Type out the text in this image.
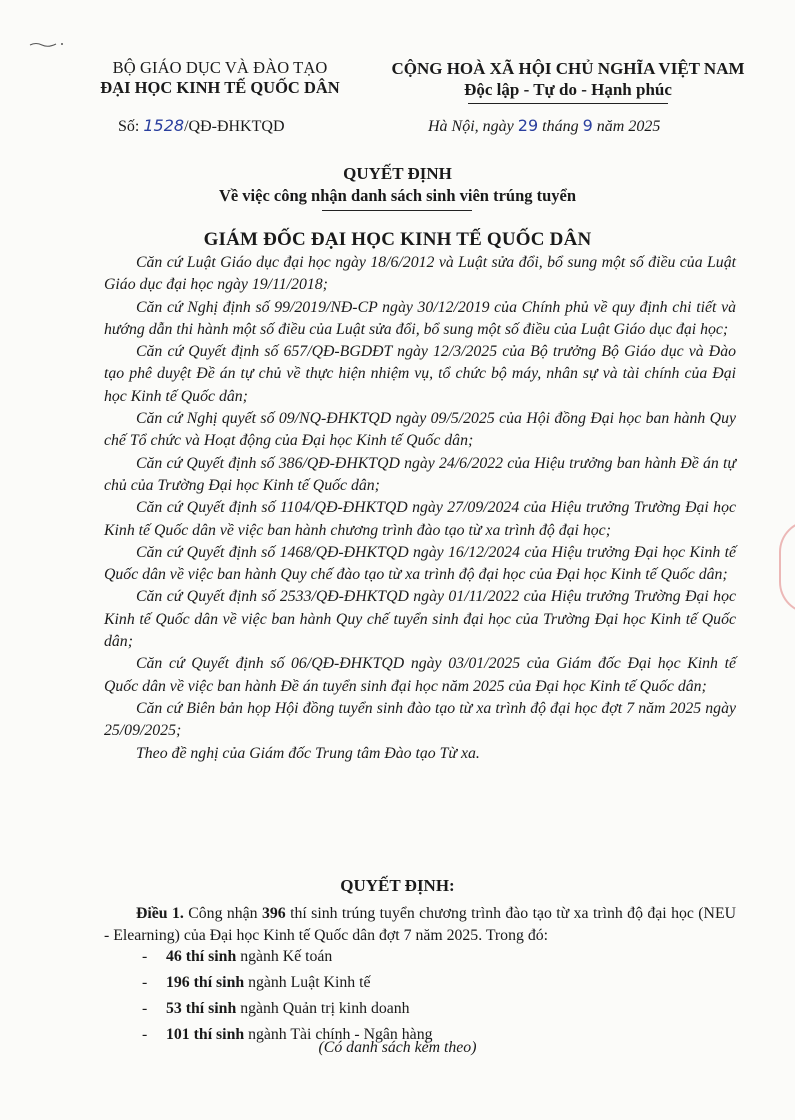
BỘ GIÁO DỤC VÀ ĐÀO TẠO
ĐẠI HỌC KINH TẾ QUỐC DÂN
CỘNG HOÀ XÃ HỘI CHỦ NGHĨA VIỆT NAM
Độc lập - Tự do - Hạnh phúc
Số: 1528/QĐ-ĐHKTQD	Hà Nội, ngày 29 tháng 9 năm 2025
QUYẾT ĐỊNH
Về việc công nhận danh sách sinh viên trúng tuyển
GIÁM ĐỐC ĐẠI HỌC KINH TẾ QUỐC DÂN

Căn cứ Luật Giáo dục đại học ngày 18/6/2012 và Luật sửa đổi, bổ sung một số điều của Luật Giáo dục đại học ngày 19/11/2018;

Căn cứ Nghị định số 99/2019/NĐ-CP ngày 30/12/2019 của Chính phủ về quy định chi tiết và hướng dẫn thi hành một số điều của Luật sửa đổi, bổ sung một số điều của Luật Giáo dục đại học;

Căn cứ Quyết định số 657/QĐ-BGDĐT ngày 12/3/2025 của Bộ trưởng Bộ Giáo dục và Đào tạo phê duyệt Đề án tự chủ về thực hiện nhiệm vụ, tổ chức bộ máy, nhân sự và tài chính của Đại học Kinh tế Quốc dân;

Căn cứ Nghị quyết số 09/NQ-ĐHKTQD ngày 09/5/2025 của Hội đồng Đại học ban hành Quy chế Tổ chức và Hoạt động của Đại học Kinh tế Quốc dân;

Căn cứ Quyết định số 386/QĐ-ĐHKTQD ngày 24/6/2022 của Hiệu trưởng ban hành Đề án tự chủ của Trường Đại học Kinh tế Quốc dân;

Căn cứ Quyết định số 1104/QĐ-ĐHKTQD ngày 27/09/2024 của Hiệu trưởng Trường Đại học Kinh tế Quốc dân về việc ban hành chương trình đào tạo từ xa trình độ đại học;

Căn cứ Quyết định số 1468/QĐ-ĐHKTQD ngày 16/12/2024 của Hiệu trưởng Đại học Kinh tế Quốc dân về việc ban hành Quy chế đào tạo từ xa trình độ đại học của Đại học Kinh tế Quốc dân;

Căn cứ Quyết định số 2533/QĐ-ĐHKTQD ngày 01/11/2022 của Hiệu trưởng Trường Đại học Kinh tế Quốc dân về việc ban hành Quy chế tuyển sinh đại học của Trường Đại học Kinh tế Quốc dân;

Căn cứ Quyết định số 06/QĐ-ĐHKTQD ngày 03/01/2025 của Giám đốc Đại học Kinh tế Quốc dân về việc ban hành Đề án tuyển sinh đại học năm 2025 của Đại học Kinh tế Quốc dân;

Căn cứ Biên bản họp Hội đồng tuyển sinh đào tạo từ xa trình độ đại học đợt 7 năm 2025 ngày 25/09/2025;

Theo đề nghị của Giám đốc Trung tâm Đào tạo Từ xa.

QUYẾT ĐỊNH:

Điều 1. Công nhận 396 thí sinh trúng tuyển chương trình đào tạo từ xa trình độ đại học (NEU - Elearning) của Đại học Kinh tế Quốc dân đợt 7 năm 2025. Trong đó:

- 46 thí sinh ngành Kế toán
- 196 thí sinh ngành Luật Kinh tế
- 53 thí sinh ngành Quản trị kinh doanh
- 101 thí sinh ngành Tài chính - Ngân hàng
(Có danh sách kèm theo)
